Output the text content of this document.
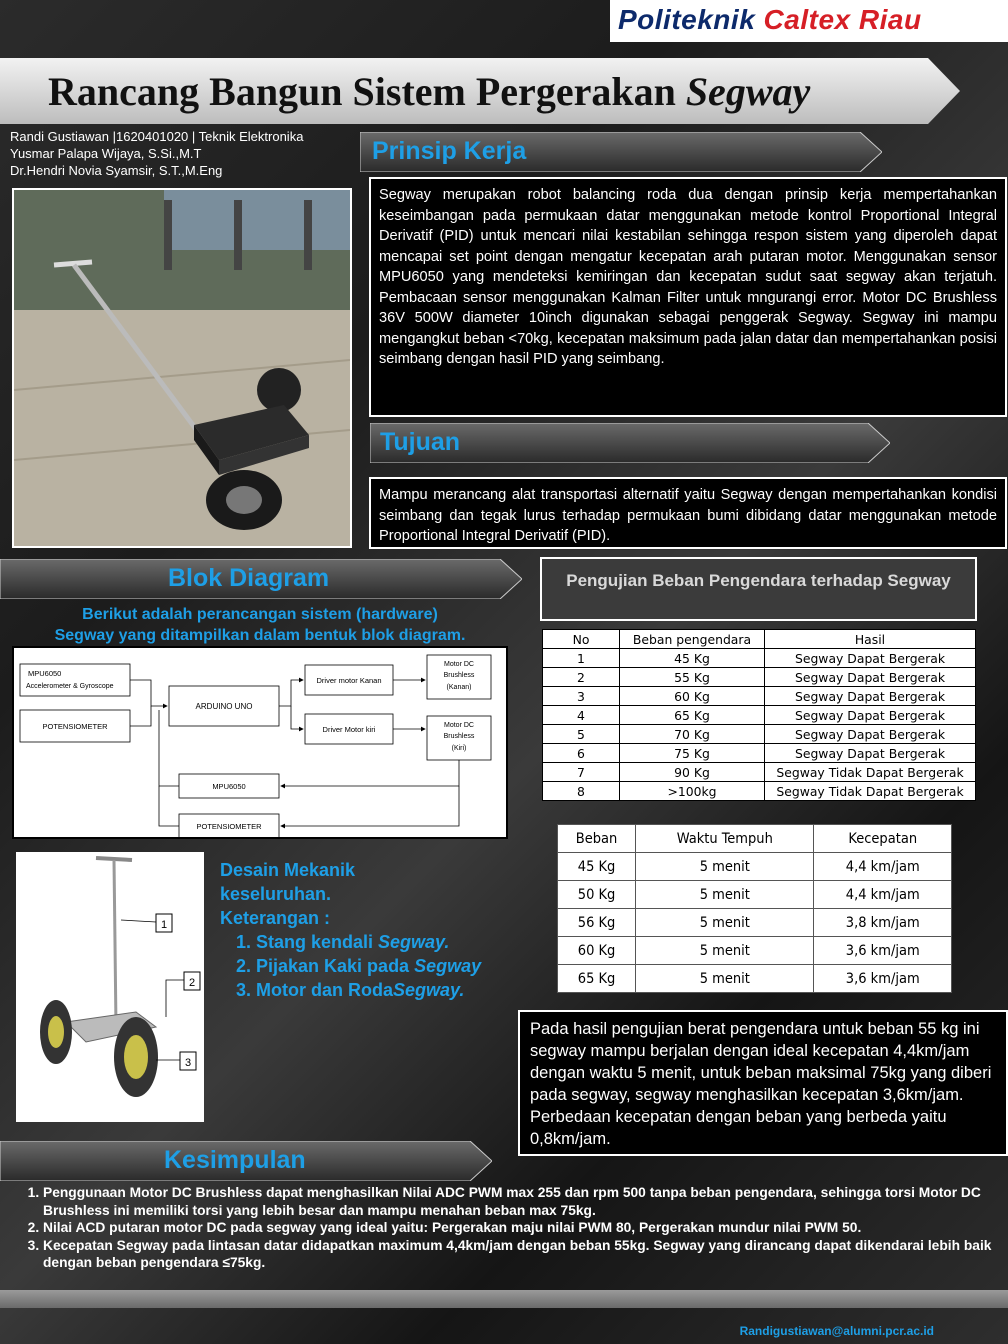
Politeknik Caltex Riau
Rancang Bangun Sistem Pergerakan Segway
Randi Gustiawan |1620401020 | Teknik Elektronika
Yusmar Palapa Wijaya, S.Si.,M.T
Dr.Hendri Novia Syamsir, S.T.,M.Eng
Prinsip Kerja
Segway merupakan robot balancing roda dua dengan prinsip kerja mempertahankan keseimbangan pada permukaan datar menggunakan metode kontrol Proportional Integral Derivatif (PID) untuk mencari nilai kestabilan sehingga respon sistem yang diperoleh dapat mencapai set point dengan mengatur kecepatan arah putaran motor. Menggunakan sensor MPU6050 yang mendeteksi kemiringan dan kecepatan sudut saat segway akan terjatuh. Pembacaan sensor menggunakan Kalman Filter untuk mngurangi error. Motor DC Brushless 36V 500W diameter 10inch digunakan sebagai penggerak Segway. Segway ini mampu mengangkut beban <70kg, kecepatan maksimum pada jalan datar dan mempertahankan posisi seimbang dengan hasil PID yang seimbang.
Tujuan
Mampu merancang alat transportasi alternatif yaitu Segway dengan mempertahankan kondisi seimbang dan tegak lurus terhadap permukaan bumi dibidang datar menggunakan metode Proportional Integral Derivatif (PID).
Blok Diagram
Berikut adalah perancangan sistem (hardware)
Segway yang ditampilkan dalam bentuk blok diagram.
MPU6050
Accelerometer & Gyroscope
POTENSIOMETER
ARDUINO UNO
Driver motor Kanan
Driver Motor kiri
Motor DC
Brushless
(Kanan)
Motor DC
Brushless
(Kiri)
MPU6050
POTENSIOMETER
1
2
3
Desain Mekanik
keseluruhan.
Keterangan :
1. Stang kendali Segway.
2. Pijakan Kaki pada Segway
3. Motor dan RodaSegway.
Pengujian Beban Pengendara terhadap Segway
No	Beban pengendara	Hasil
1	45 Kg	Segway Dapat Bergerak
2	55 Kg	Segway Dapat Bergerak
3	60 Kg	Segway Dapat Bergerak
4	65 Kg	Segway Dapat Bergerak
5	70 Kg	Segway Dapat Bergerak
6	75 Kg	Segway Dapat Bergerak
7	90 Kg	Segway Tidak Dapat Bergerak
8	>100kg	Segway Tidak Dapat Bergerak
Beban	Waktu Tempuh	Kecepatan
45 Kg	5 menit	4,4 km/jam
50 Kg	5 menit	4,4 km/jam
56 Kg	5 menit	3,8 km/jam
60 Kg	5 menit	3,6 km/jam
65 Kg	5 menit	3,6 km/jam
Pada hasil pengujian berat pengendara untuk beban 55 kg ini segway mampu berjalan dengan ideal kecepatan 4,4km/jam dengan waktu 5 menit, untuk beban maksimal 75kg yang diberi pada segway, segway menghasilkan kecepatan 3,6km/jam. Perbedaan kecepatan dengan beban yang berbeda yaitu 0,8km/jam.
Kesimpulan
1. Penggunaan Motor DC Brushless dapat menghasilkan Nilai ADC PWM max 255 dan rpm 500 tanpa beban pengendara, sehingga torsi Motor DC Brushless ini memiliki torsi yang lebih besar dan mampu menahan beban max 75kg.
2. Nilai ACD putaran motor DC pada segway yang ideal yaitu: Pergerakan maju nilai PWM 80, Pergerakan mundur nilai PWM 50.
3. Kecepatan Segway pada lintasan datar didapatkan maximum 4,4km/jam dengan beban 55kg. Segway yang dirancang dapat dikendarai lebih baik dengan beban pengendara ≤75kg.
Randigustiawan@alumni.pcr.ac.id
